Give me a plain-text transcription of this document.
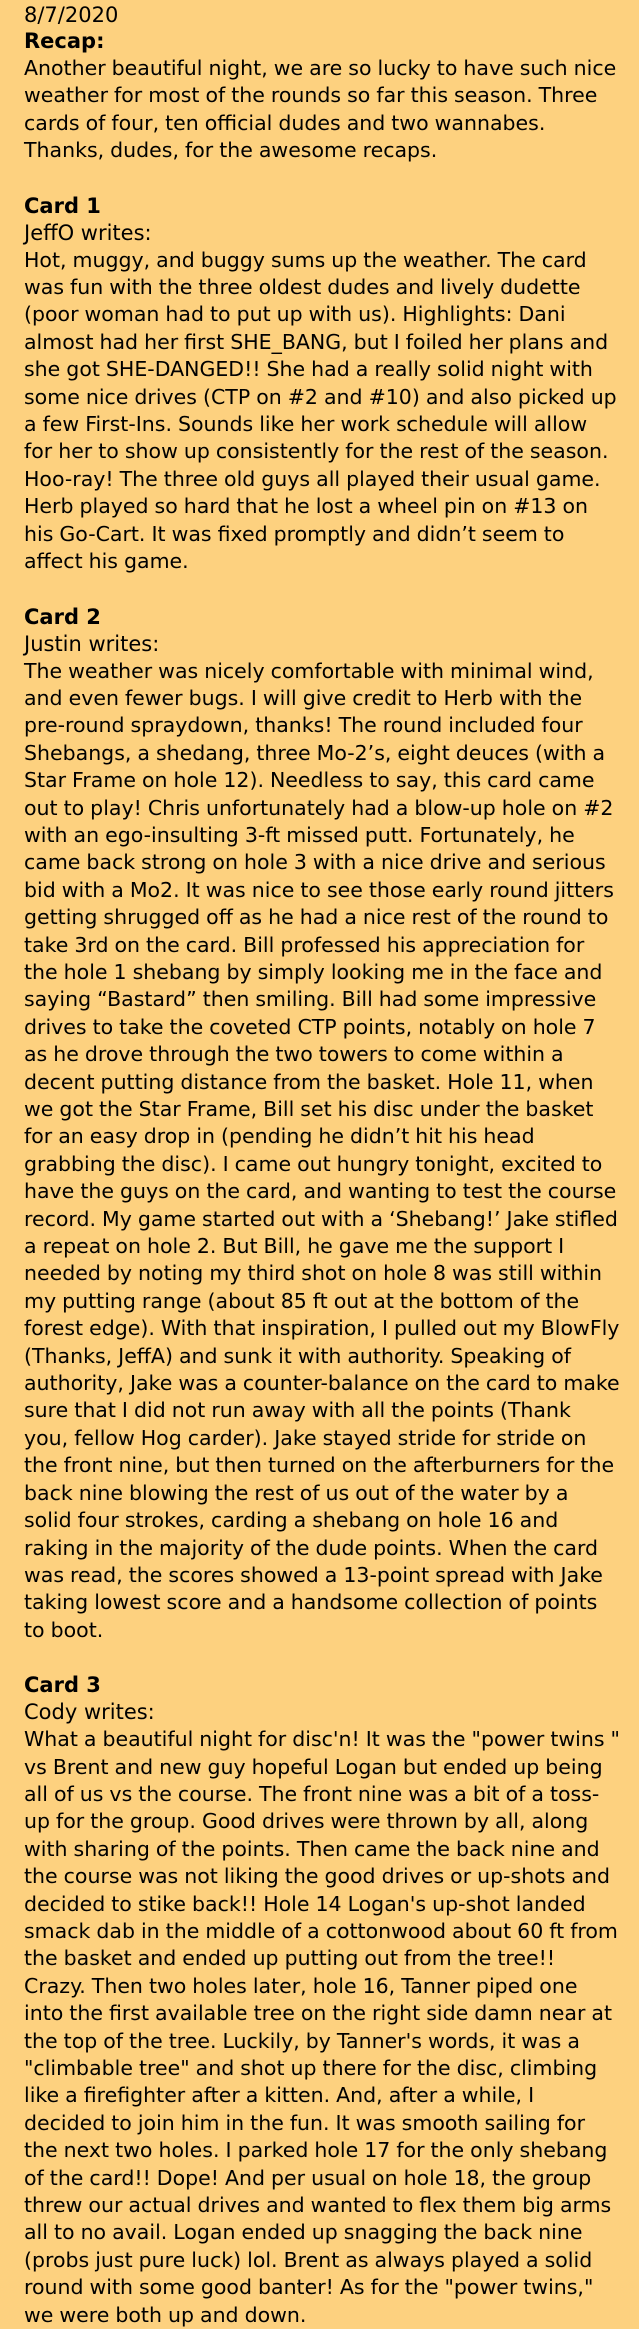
8/7/2020

Recap:

Another beautiful night, we are so lucky to have such nice weather for most of the rounds so far this season. Three cards of four, ten official dudes and two wannabes. Thanks, dudes, for the awesome recaps.

Card 1

JeffO writes:

Hot, muggy, and buggy sums up the weather. The card was fun with the three oldest dudes and lively dudette (poor woman had to put up with us). Highlights: Dani almost had her first SHE_BANG, but I foiled her plans and she got SHE-DANGED!! She had a really solid night with some nice drives (CTP on #2 and #10) and also picked up a few First-Ins. Sounds like her work schedule will allow for her to show up consistently for the rest of the season. Hoo-ray! The three old guys all played their usual game. Herb played so hard that he lost a wheel pin on #13 on his Go-Cart. It was fixed promptly and didn’t seem to affect his game.

Card 2

Justin writes:

The weather was nicely comfortable with minimal wind, and even fewer bugs. I will give credit to Herb with the pre-round spraydown, thanks! The round included four Shebangs, a shedang, three Mo-2’s, eight deuces (with a Star Frame on hole 12). Needless to say, this card came out to play! Chris unfortunately had a blow-up hole on #2 with an ego-insulting 3-ft missed putt. Fortunately, he came back strong on hole 3 with a nice drive and serious bid with a Mo2. It was nice to see those early round jitters getting shrugged off as he had a nice rest of the round to take 3rd on the card. Bill professed his appreciation for the hole 1 shebang by simply looking me in the face and saying “Bastard” then smiling. Bill had some impressive drives to take the coveted CTP points, notably on hole 7 as he drove through the two towers to come within a decent putting distance from the basket. Hole 11, when we got the Star Frame, Bill set his disc under the basket for an easy drop in (pending he didn’t hit his head grabbing the disc). I came out hungry tonight, excited to have the guys on the card, and wanting to test the course record. My game started out with a ‘Shebang!’ Jake stifled a repeat on hole 2. But Bill, he gave me the support I needed by noting my third shot on hole 8 was still within my putting range (about 85 ft out at the bottom of the forest edge). With that inspiration, I pulled out my BlowFly (Thanks, JeffA) and sunk it with authority. Speaking of authority, Jake was a counter-balance on the card to make sure that I did not run away with all the points (Thank you, fellow Hog carder). Jake stayed stride for stride on the front nine, but then turned on the afterburners for the back nine blowing the rest of us out of the water by a solid four strokes, carding a shebang on hole 16 and raking in the majority of the dude points. When the card was read, the scores showed a 13-point spread with Jake taking lowest score and a handsome collection of points to boot.

Card 3

Cody writes:

What a beautiful night for disc'n! It was the "power twins " vs Brent and new guy hopeful Logan but ended up being all of us vs the course. The front nine was a bit of a toss-up for the group. Good drives were thrown by all, along with sharing of the points. Then came the back nine and the course was not liking the good drives or up-shots and decided to stike back!! Hole 14 Logan's up-shot landed smack dab in the middle of a cottonwood about 60 ft from the basket and ended up putting out from the tree!! Crazy. Then two holes later, hole 16, Tanner piped one into the first available tree on the right side damn near at the top of the tree. Luckily, by Tanner's words, it was a "climbable tree" and shot up there for the disc, climbing like a firefighter after a kitten. And, after a while, I decided to join him in the fun. It was smooth sailing for the next two holes. I parked hole 17 for the only shebang of the card!! Dope! And per usual on hole 18, the group threw our actual drives and wanted to flex them big arms all to no avail. Logan ended up snagging the back nine (probs just pure luck) lol. Brent as always played a solid round with some good banter! As for the "power twins," we were both up and down.
